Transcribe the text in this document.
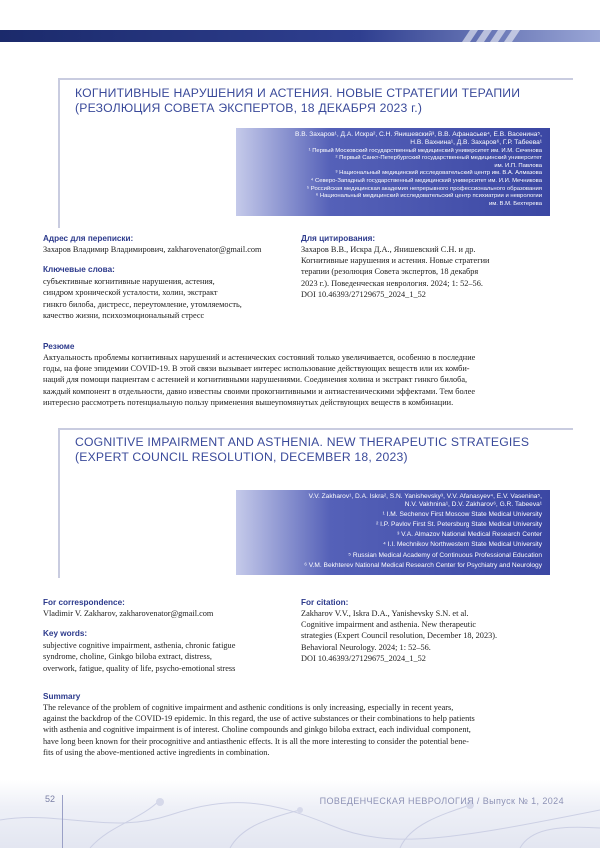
КОГНИТИВНЫЕ НАРУШЕНИЯ И АСТЕНИЯ. НОВЫЕ СТРАТЕГИИ ТЕРАПИИ (РЕЗОЛЮЦИЯ СОВЕТА ЭКСПЕРТОВ, 18 ДЕКАБРЯ 2023 г.)
В.В. Захаров¹, Д.А. Искра², С.Н. Янишевский³, В.В. Афанасьев⁴, Е.В. Васенина⁵,
Н.В. Вахнина¹, Д.В. Захаров⁶, Г.Р. Табеева¹
¹ Первый Московский государственный медицинский университет им. И.М. Сеченова
² Первый Санкт-Петербургский государственный медицинский университет
им. И.П. Павлова
³ Национальный медицинский исследовательский центр им. В.А. Алмазова
⁴ Северо-Западный государственный медицинский университет им. И.И. Мечникова
⁵ Российская медицинская академия непрерывного профессионального образования
⁶ Национальный медицинский исследовательский центр психиатрии и неврологии
им. В.М. Бехтерева
Адрес для переписки:
Захаров Владимир Владимирович, zakharovenator@gmail.com
Ключевые слова:
субъективные когнитивные нарушения, астения,
синдром хронической усталости, холин, экстракт
гинкго билоба, дистресс, переутомление, утомляемость,
качество жизни, психоэмоциональный стресс
Для цитирования:
Захаров В.В., Искра Д.А., Янишевский С.Н. и др.
Когнитивные нарушения и астения. Новые стратегии
терапии (резолюция Совета экспертов, 18 декабря
2023 г.). Поведенческая неврология. 2024; 1: 52–56.
DOI 10.46393/27129675_2024_1_52
Резюме
Актуальность проблемы когнитивных нарушений и астенических состояний только увеличивается, особенно в последние
годы, на фоне эпидемии COVID-19. В этой связи вызывает интерес использование действующих веществ или их комби-
наций для помощи пациентам с астенией и когнитивными нарушениями. Соединения холина и экстракт гинкго билоба,
каждый компонент в отдельности, давно известны своими прокогнитивными и антиастеническими эффектами. Тем более
интересно рассмотреть потенциальную пользу применения вышеупомянутых действующих веществ в комбинации.
COGNITIVE IMPAIRMENT AND ASTHENIA. NEW THERAPEUTIC STRATEGIES (EXPERT COUNCIL RESOLUTION, DECEMBER 18, 2023)
V.V. Zakharov¹, D.A. Iskra², S.N. Yanishevsky³, V.V. Afanasyev⁴, E.V. Vasenina⁵,
N.V. Vakhnina¹, D.V. Zakharov⁶, G.R. Tabeeva¹
¹ I.M. Sechenov First Moscow State Medical University
² I.P. Pavlov First St. Petersburg State Medical University
³ V.A. Almazov National Medical Research Center
⁴ I.I. Mechnikov Northwestern State Medical University
⁵ Russian Medical Academy of Continuous Professional Education
⁶ V.M. Bekhterev National Medical Research Center for Psychiatry and Neurology
For correspondence:
Vladimir V. Zakharov, zakharovenator@gmail.com
Key words:
subjective cognitive impairment, asthenia, chronic fatigue
syndrome, choline, Ginkgo biloba extract, distress,
overwork, fatigue, quality of life, psycho-emotional stress
For citation:
Zakharov V.V., Iskra D.A., Yanishevsky S.N. et al.
Cognitive impairment and asthenia. New therapeutic
strategies (Expert Council resolution, December 18, 2023).
Behavioral Neurology. 2024; 1: 52–56.
DOI 10.46393/27129675_2024_1_52
Summary
The relevance of the problem of cognitive impairment and asthenic conditions is only increasing, especially in recent years,
against the backdrop of the COVID-19 epidemic. In this regard, the use of active substances or their combinations to help patients
with asthenia and cognitive impairment is of interest. Choline compounds and ginkgo biloba extract, each individual component,
have long been known for their procognitive and antiasthenic effects. It is all the more interesting to consider the potential bene-
fits of using the above-mentioned active ingredients in combination.
52	ПОВЕДЕНЧЕСКАЯ НЕВРОЛОГИЯ / Выпуск № 1, 2024
